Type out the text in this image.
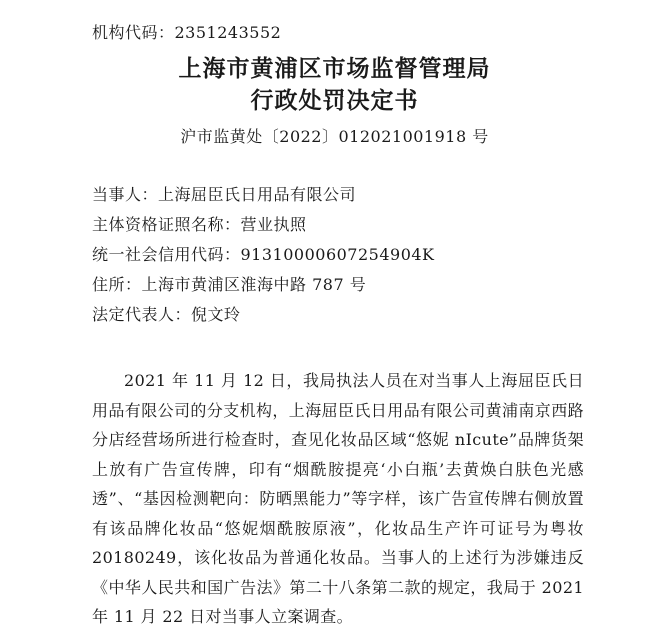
机构代码：2351243552
上海市黄浦区市场监督管理局
行政处罚决定书
沪市监黄处〔2022〕012021001918 号
当事人：上海屈臣氏日用品有限公司
主体资格证照名称：营业执照
统一社会信用代码：91310000607254904K
住所：上海市黄浦区淮海中路 787 号
法定代表人：倪文玲

2021 年 11 月 12 日，我局执法人员在对当事人上海屈臣氏日用品有限公司的分支机构，上海屈臣氏日用品有限公司黄浦南京西路分店经营场所进行检查时，查见化妆品区域“悠妮 nIcute”品牌货架上放有广告宣传牌，印有“烟酰胺提亮‘小白瓶’去黄焕白肤色光感透”、“基因检测靶向：防晒黑能力”等字样，该广告宣传牌右侧放置有该品牌化妆品“悠妮烟酰胺原液”，化妆品生产许可证号为粤妆 20180249，该化妆品为普通化妆品。当事人的上述行为涉嫌违反《中华人民共和国广告法》第二十八条第二款的规定，我局于 2021 年 11 月 22 日对当事人立案调查。
